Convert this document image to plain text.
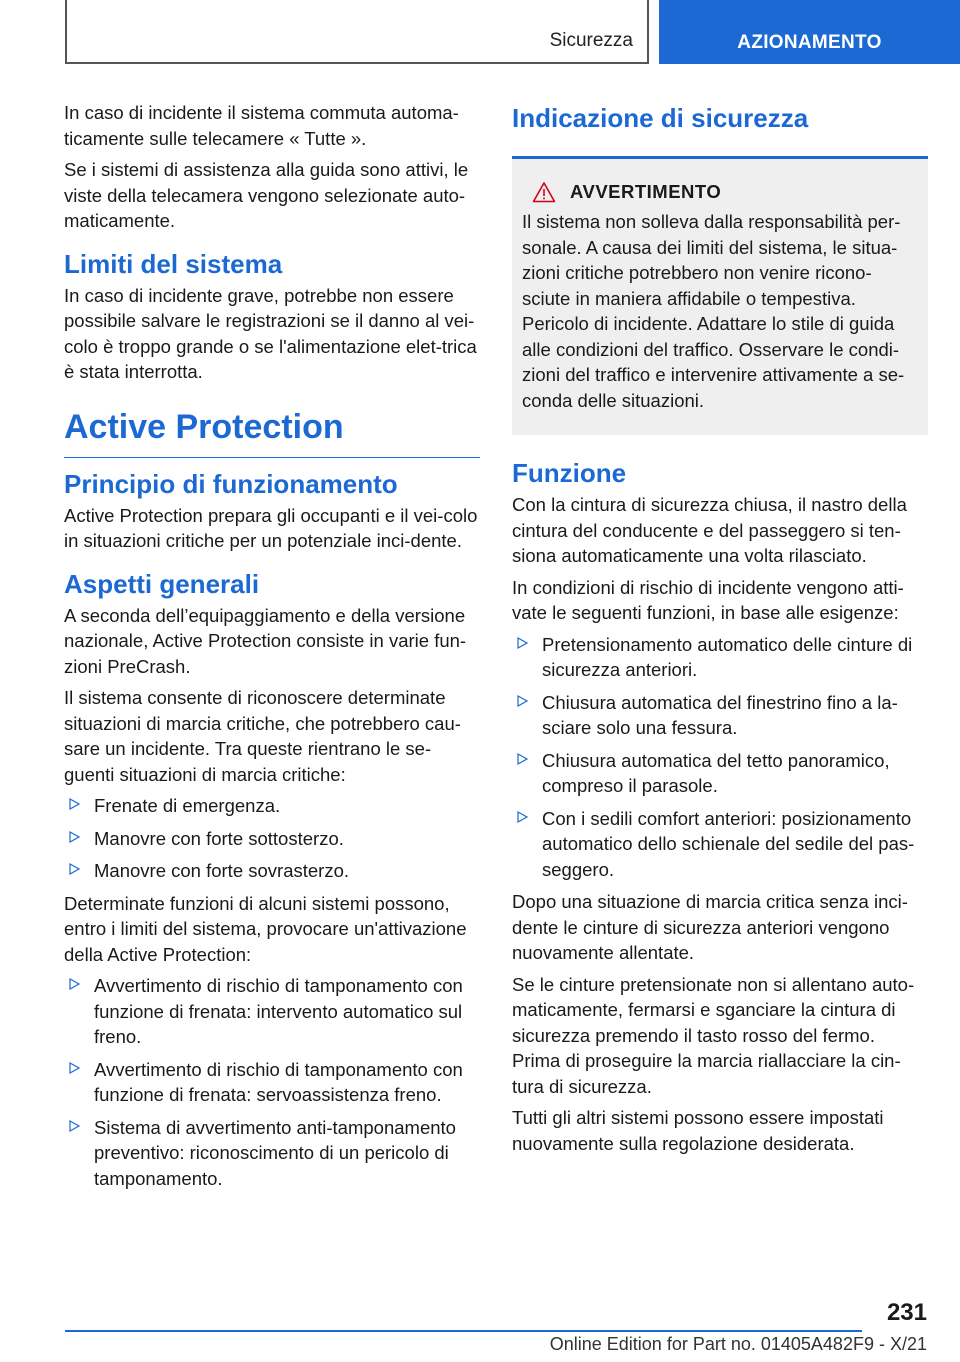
Sicurezza	AZIONAMENTO

In caso di incidente il sistema commuta automa-ticamente sulle telecamere « Tutte ».

Se i sistemi di assistenza alla guida sono attivi, le viste della telecamera vengono selezionate auto-maticamente.

Limiti del sistema

In caso di incidente grave, potrebbe non essere possibile salvare le registrazioni se il danno al vei-colo è troppo grande o se l'alimentazione elet-trica è stata interrotta.

Active Protection
Principio di funzionamento

Active Protection prepara gli occupanti e il vei-colo in situazioni critiche per un potenziale inci-dente.

Aspetti generali

A seconda dell’equipaggiamento e della versione nazionale, Active Protection consiste in varie fun-zioni PreCrash.

Il sistema consente di riconoscere determinate situazioni di marcia critiche, che potrebbero cau-sare un incidente. Tra queste rientrano le se-guenti situazioni di marcia critiche:

Frenate di emergenza.
Manovre con forte sottosterzo.
Manovre con forte sovrasterzo.

Determinate funzioni di alcuni sistemi possono, entro i limiti del sistema, provocare un'attivazione della Active Protection:

Avvertimento di rischio di tamponamento con funzione di frenata: intervento automatico sul freno.
Avvertimento di rischio di tamponamento con funzione di frenata: servoassistenza freno.
Sistema di avvertimento anti-tamponamento preventivo: riconoscimento di un pericolo di tamponamento.
Indicazione di sicurezza
AVVERTIMENTO

Il sistema non solleva dalla responsabilità per-sonale. A causa dei limiti del sistema, le situa-zioni critiche potrebbero non venire ricono-sciute in maniera affidabile o tempestiva.

Pericolo di incidente. Adattare lo stile di guida alle condizioni del traffico. Osservare le condi-zioni del traffico e intervenire attivamente a se-conda delle situazioni.

Funzione

Con la cintura di sicurezza chiusa, il nastro della cintura del conducente e del passeggero si ten-siona automaticamente una volta rilasciato.

In condizioni di rischio di incidente vengono atti-vate le seguenti funzioni, in base alle esigenze:

Pretensionamento automatico delle cinture di sicurezza anteriori.
Chiusura automatica del finestrino fino a la-sciare solo una fessura.
Chiusura automatica del tetto panoramico, compreso il parasole.
Con i sedili comfort anteriori: posizionamento automatico dello schienale del sedile del pas-seggero.

Dopo una situazione di marcia critica senza inci-dente le cinture di sicurezza anteriori vengono nuovamente allentate.

Se le cinture pretensionate non si allentano auto-maticamente, fermarsi e sganciare la cintura di sicurezza premendo il tasto rosso del fermo. Prima di proseguire la marcia riallacciare la cin-tura di sicurezza.

Tutti gli altri sistemi possono essere impostati nuovamente sulla regolazione desiderata.

231
Online Edition for Part no. 01405A482F9 - X/21
